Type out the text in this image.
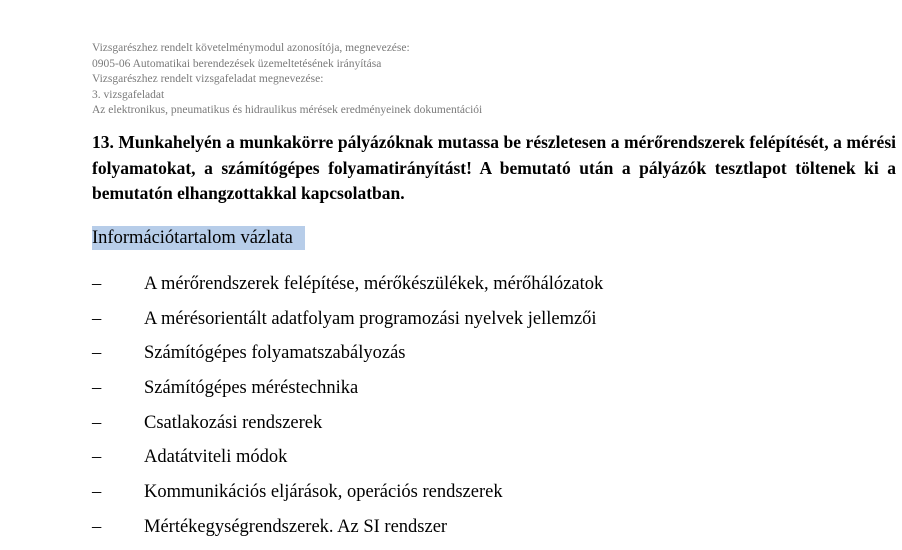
Vizsgarészhez rendelt követelménymodul azonosítója, megnevezése:
0905-06 Automatikai berendezések üzemeltetésének irányítása
Vizsgarészhez rendelt vizsgafeladat megnevezése:
3. vizsgafeladat
Az elektronikus, pneumatikus és hidraulikus mérések eredményeinek dokumentációi
13. Munkahelyén a munkakörre pályázóknak mutassa be részletesen a mérőrendszerek felépítését, a mérési folyamatokat, a számítógépes folyamatirányítást! A bemutató után a pályázók tesztlapot töltenek ki a bemutatón elhangzottakkal kapcsolatban.
Információtartalom vázlata
– A mérőrendszerek felépítése, mérőkészülékek, mérőhálózatok
– A mérésorientált adatfolyam programozási nyelvek jellemzői
– Számítógépes folyamatszabályozás
– Számítógépes méréstechnika
– Csatlakozási rendszerek
– Adatátviteli módok
– Kommunikációs eljárások, operációs rendszerek
– Mértékegységrendszerek. Az SI rendszer
